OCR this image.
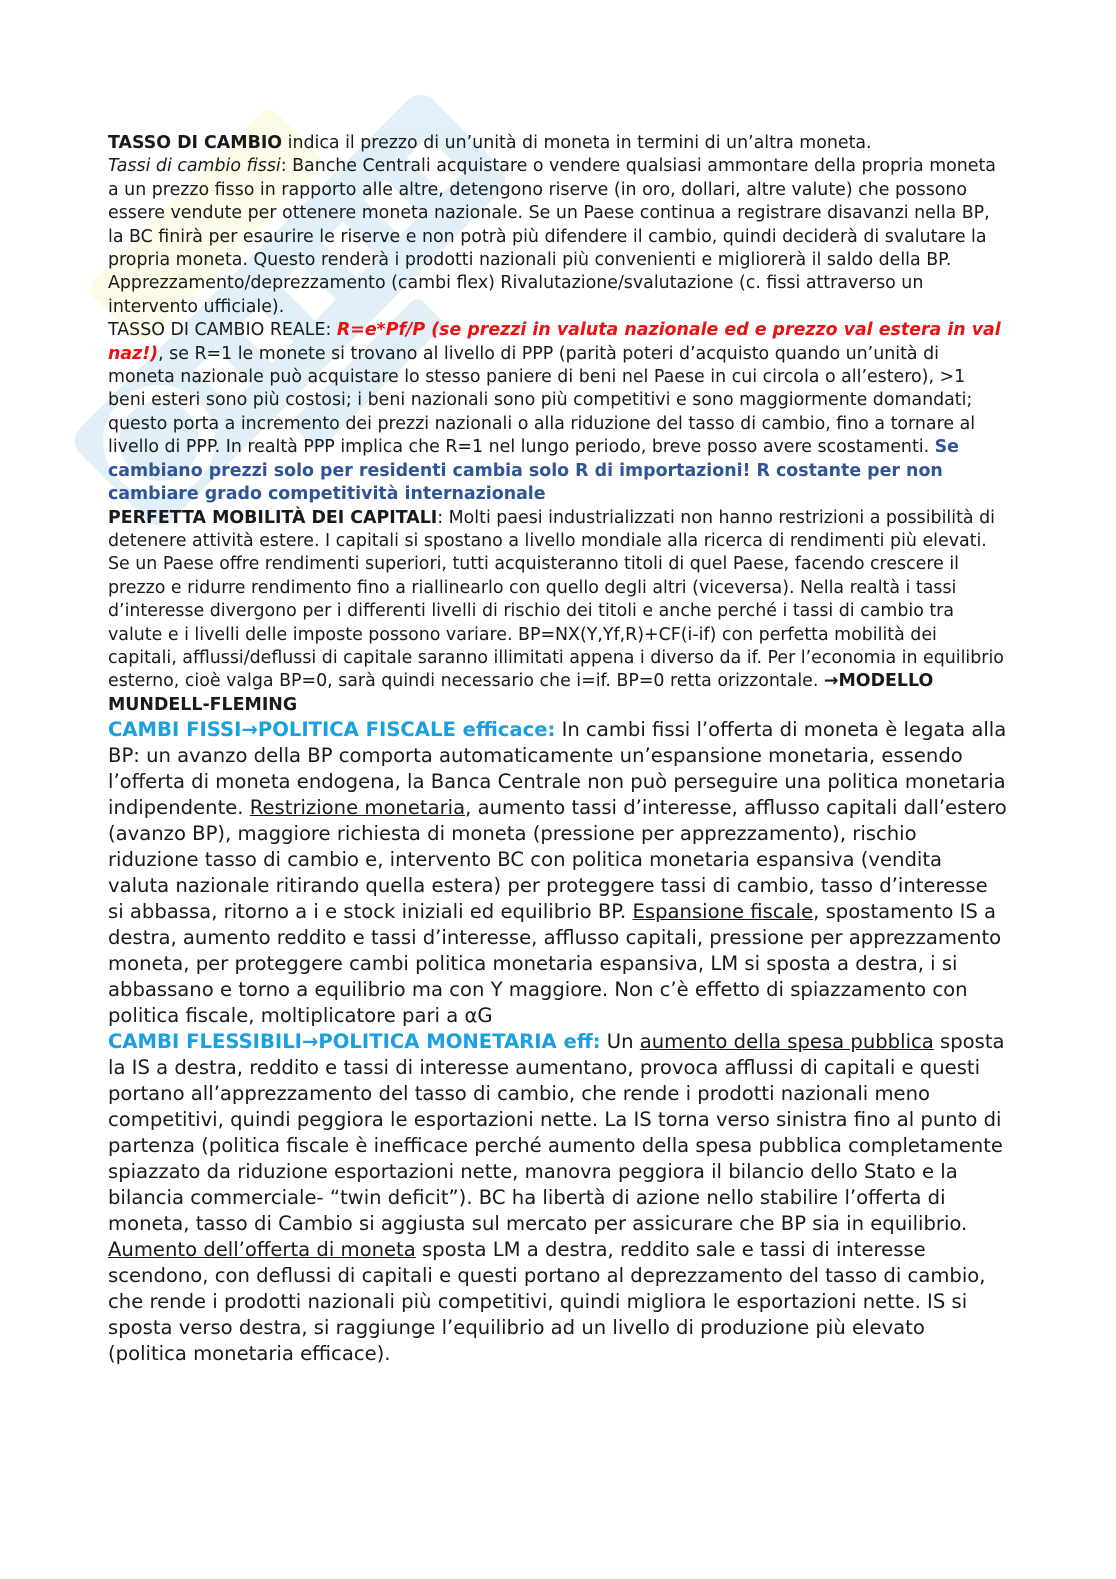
TASSO DI CAMBIO indica il prezzo di un’unità di moneta in termini di un’altra moneta.

Tassi di cambio fissi: Banche Centrali acquistare o vendere qualsiasi ammontare della propria moneta a un prezzo fisso in rapporto alle altre, detengono riserve (in oro, dollari, altre valute) che possono essere vendute per ottenere moneta nazionale. Se un Paese continua a registrare disavanzi nella BP, la BC finirà per esaurire le riserve e non potrà più difendere il cambio, quindi deciderà di svalutare la propria moneta. Questo renderà i prodotti nazionali più convenienti e migliorerà il saldo della BP.

Apprezzamento/deprezzamento (cambi flex) Rivalutazione/svalutazione (c. fissi attraverso un intervento ufficiale).

TASSO DI CAMBIO REALE: R=e*Pf/P (se prezzi in valuta nazionale ed e prezzo val estera in val naz!), se R=1 le monete si trovano al livello di PPP (parità poteri d’acquisto quando un’unità di moneta nazionale può acquistare lo stesso paniere di beni nel Paese in cui circola o all’estero), >1 beni esteri sono più costosi; i beni nazionali sono più competitivi e sono maggiormente domandati; questo porta a incremento dei prezzi nazionali o alla riduzione del tasso di cambio, fino a tornare al livello di PPP. In realtà PPP implica che R=1 nel lungo periodo, breve posso avere scostamenti. Se cambiano prezzi solo per residenti cambia solo R di importazioni! R costante per non cambiare grado competitività internazionale

PERFETTA MOBILITÀ DEI CAPITALI: Molti paesi industrializzati non hanno restrizioni a possibilità di detenere attività estere. I capitali si spostano a livello mondiale alla ricerca di rendimenti più elevati. Se un Paese offre rendimenti superiori, tutti acquisteranno titoli di quel Paese, facendo crescere il prezzo e ridurre rendimento fino a riallinearlo con quello degli altri (viceversa). Nella realtà i tassi d’interesse divergono per i differenti livelli di rischio dei titoli e anche perché i tassi di cambio tra valute e i livelli delle imposte possono variare. BP=NX(Y,Yf,R)+CF(i-if) con perfetta mobilità dei capitali, afflussi/deflussi di capitale saranno illimitati appena i diverso da if. Per l’economia in equilibrio esterno, cioè valga BP=0, sarà quindi necessario che i=if. BP=0 retta orizzontale. →MODELLO MUNDELL-FLEMING

CAMBI FISSI→POLITICA FISCALE efficace: In cambi fissi l’offerta di moneta è legata alla BP: un avanzo della BP comporta automaticamente un’espansione monetaria, essendo l’offerta di moneta endogena, la Banca Centrale non può perseguire una politica monetaria indipendente. Restrizione monetaria, aumento tassi d’interesse, afflusso capitali dall’estero (avanzo BP), maggiore richiesta di moneta (pressione per apprezzamento), rischio riduzione tasso di cambio e, intervento BC con politica monetaria espansiva (vendita valuta nazionale ritirando quella estera) per proteggere tassi di cambio, tasso d’interesse si abbassa, ritorno a i e stock iniziali ed equilibrio BP. Espansione fiscale, spostamento IS a destra, aumento reddito e tassi d’interesse, afflusso capitali, pressione per apprezzamento moneta, per proteggere cambi politica monetaria espansiva, LM si sposta a destra, i si abbassano e torno a equilibrio ma con Y maggiore. Non c’è effetto di spiazzamento con politica fiscale, moltiplicatore pari a αG

CAMBI FLESSIBILI→POLITICA MONETARIA eff: Un aumento della spesa pubblica sposta la IS a destra, reddito e tassi di interesse aumentano, provoca afflussi di capitali e questi portano all’apprezzamento del tasso di cambio, che rende i prodotti nazionali meno competitivi, quindi peggiora le esportazioni nette. La IS torna verso sinistra fino al punto di partenza (politica fiscale è inefficace perché aumento della spesa pubblica completamente spiazzato da riduzione esportazioni nette, manovra peggiora il bilancio dello Stato e la bilancia commerciale- “twin deficit”). BC ha libertà di azione nello stabilire l’offerta di moneta, tasso di Cambio si aggiusta sul mercato per assicurare che BP sia in equilibrio. Aumento dell’offerta di moneta sposta LM a destra, reddito sale e tassi di interesse scendono, con deflussi di capitali e questi portano al deprezzamento del tasso di cambio, che rende i prodotti nazionali più competitivi, quindi migliora le esportazioni nette. IS si sposta verso destra, si raggiunge l’equilibrio ad un livello di produzione più elevato (politica monetaria efficace).
